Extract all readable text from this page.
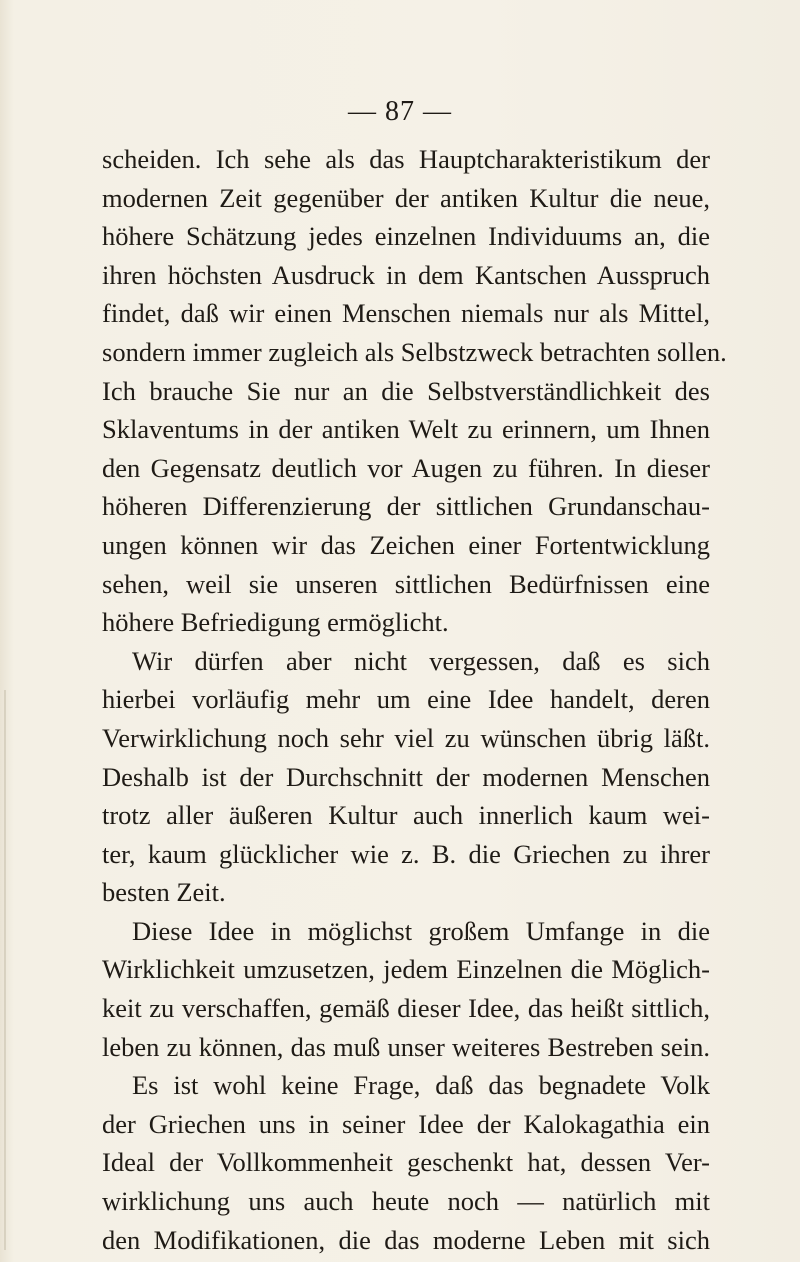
— 87 —
scheiden. Ich sehe als das Hauptcharakteristikum der
modernen Zeit gegenüber der antiken Kultur die neue,
höhere Schätzung jedes einzelnen Individuums an, die
ihren höchsten Ausdruck in dem Kantschen Ausspruch
findet, daß wir einen Menschen niemals nur als Mittel,
sondern immer zugleich als Selbstzweck betrachten sollen.
Ich brauche Sie nur an die Selbstverständlichkeit des
Sklaventums in der antiken Welt zu erinnern, um Ihnen
den Gegensatz deutlich vor Augen zu führen. In dieser
höheren Differenzierung der sittlichen Grundanschau-
ungen können wir das Zeichen einer Fortentwicklung
sehen, weil sie unseren sittlichen Bedürfnissen eine
höhere Befriedigung ermöglicht.
Wir dürfen aber nicht vergessen, daß es sich
hierbei vorläufig mehr um eine Idee handelt, deren
Verwirklichung noch sehr viel zu wünschen übrig läßt.
Deshalb ist der Durchschnitt der modernen Menschen
trotz aller äußeren Kultur auch innerlich kaum wei-
ter, kaum glücklicher wie z. B. die Griechen zu ihrer
besten Zeit.
Diese Idee in möglichst großem Umfange in die
Wirklichkeit umzusetzen, jedem Einzelnen die Möglich-
keit zu verschaffen, gemäß dieser Idee, das heißt sittlich,
leben zu können, das muß unser weiteres Bestreben sein.
Es ist wohl keine Frage, daß das begnadete Volk
der Griechen uns in seiner Idee der Kalokagathia ein
Ideal der Vollkommenheit geschenkt hat, dessen Ver-
wirklichung uns auch heute noch — natürlich mit
den Modifikationen, die das moderne Leben mit sich
